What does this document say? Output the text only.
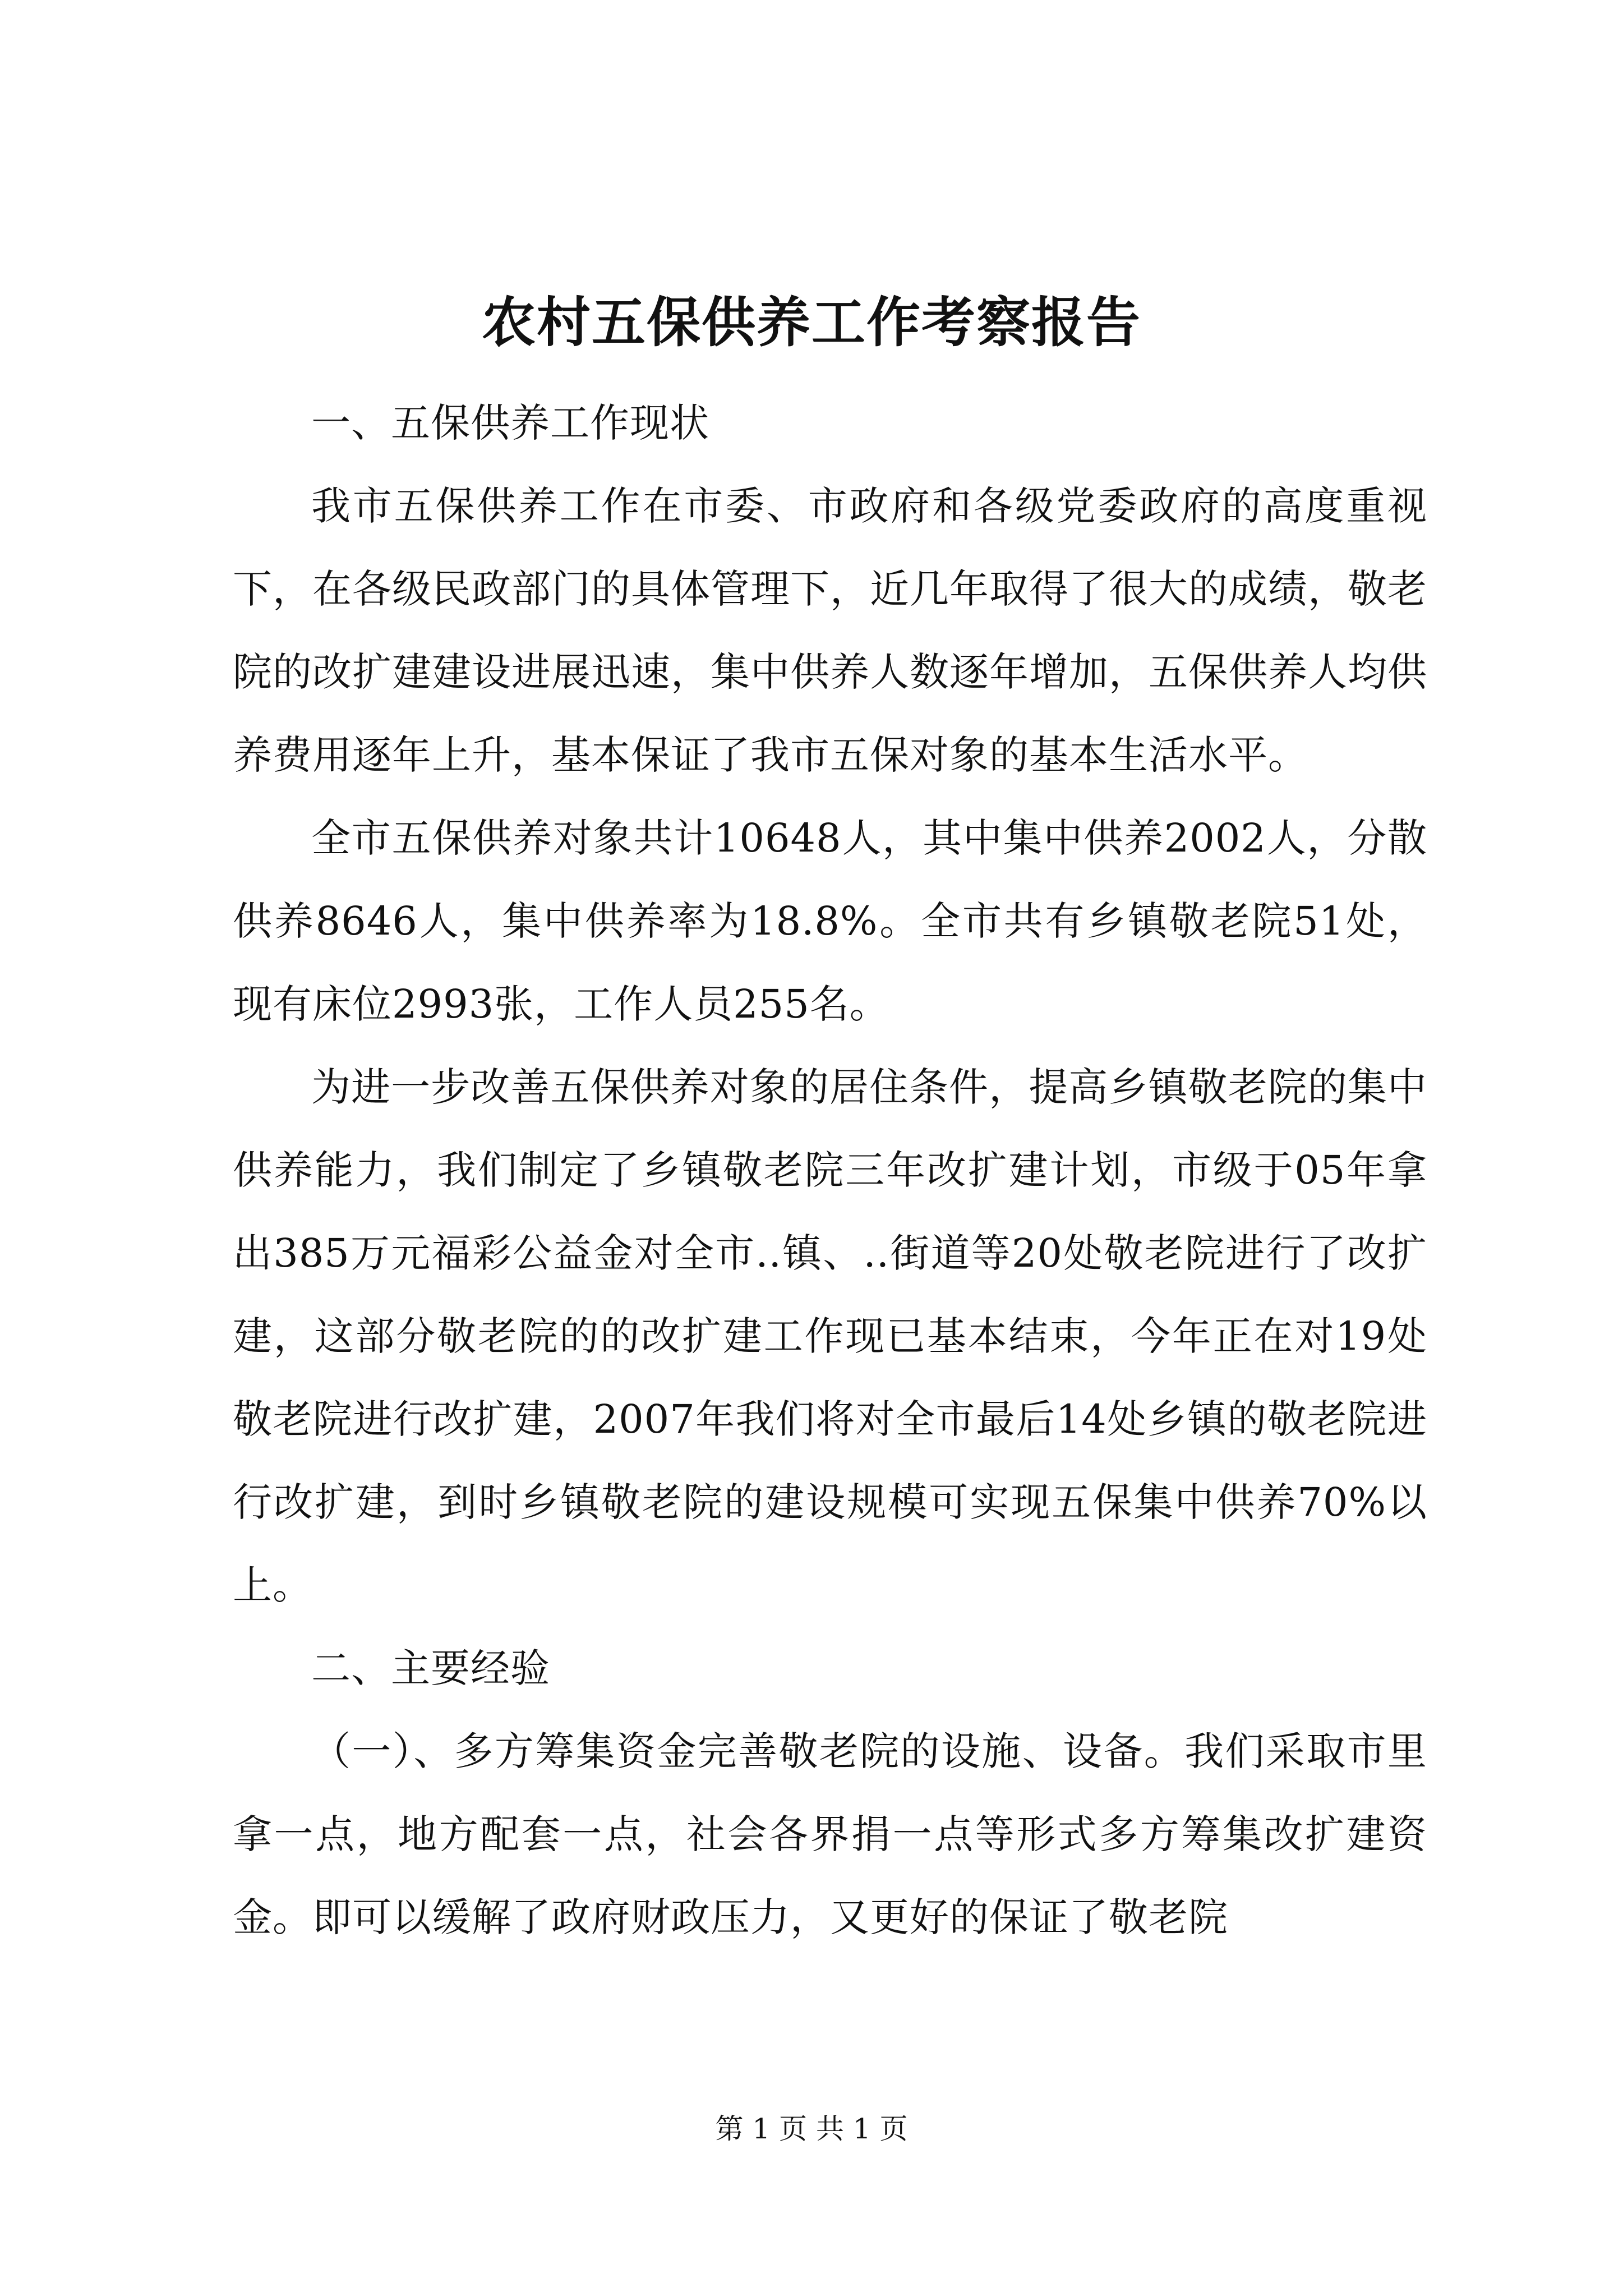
农村五保供养工作考察报告

一、五保供养工作现状

我市五保供养工作在市委、市政府和各级党委政府的高度重视下，在各级民政部门的具体管理下，近几年取得了很大的成绩，敬老院的改扩建建设进展迅速，集中供养人数逐年增加，五保供养人均供养费用逐年上升，基本保证了我市五保对象的基本生活水平。

全市五保供养对象共计10648人，其中集中供养2002人，分散供养8646人，集中供养率为18.8%。全市共有乡镇敬老院51处，现有床位2993张，工作人员255名。

为进一步改善五保供养对象的居住条件，提高乡镇敬老院的集中供养能力，我们制定了乡镇敬老院三年改扩建计划，市级于05年拿出385万元福彩公益金对全市..镇、..街道等20处敬老院进行了改扩建，这部分敬老院的的改扩建工作现已基本结束，今年正在对19处敬老院进行改扩建，2007年我们将对全市最后14处乡镇的敬老院进行改扩建，到时乡镇敬老院的建设规模可实现五保集中供养70%以上。

二、主要经验

（一）、多方筹集资金完善敬老院的设施、设备。我们采取市里拿一点，地方配套一点，社会各界捐一点等形式多方筹集改扩建资金。即可以缓解了政府财政压力，又更好的保证了敬老院

第 1 页 共 1 页
